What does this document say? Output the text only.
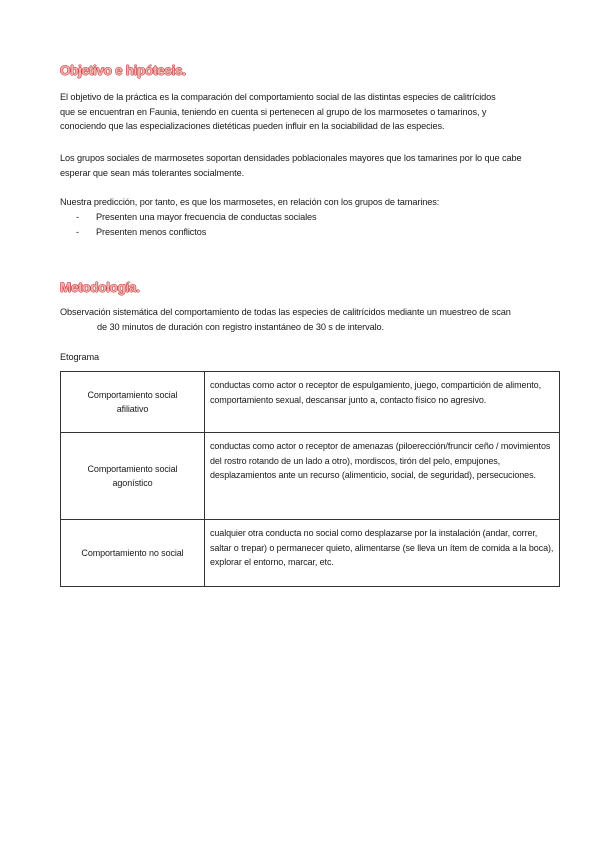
Objetivo e hipótesis.

El objetivo de la práctica es la comparación del comportamiento social de las distintas especies de calitrícidos
que se encuentran en Faunia, teniendo en cuenta si pertenecen al grupo de los marmosetes o tamarinos, y
conociendo que las especializaciones dietéticas pueden influir en la sociabilidad de las especies.

Los grupos sociales de marmosetes soportan densidades poblacionales mayores que los tamarines por lo que cabe
esperar que sean más tolerantes socialmente.

Nuestra predicción, por tanto, es que los marmosetes, en relación con los grupos de tamarines:

- Presenten una mayor frecuencia de conductas sociales
- Presenten menos conflictos
Metodología.

Observación sistemática del comportamiento de todas las especies de calitrícidos mediante un muestreo de scan
de 30 minutos de duración con registro instantáneo de 30 s de intervalo.

Etograma

Comportamiento social
afiliativo	conductas como actor o receptor de espulgamiento, juego, compartición de alimento, comportamiento sexual, descansar junto a, contacto físico no agresivo.

Comportamiento social
agonístico	conductas como actor o receptor de amenazas (piloerección/fruncir ceño / movimientos del rostro rotando de un lado a otro), mordiscos, tirón del pelo, empujones, desplazamientos ante un recurso (alimenticio, social, de seguridad), persecuciones.
Comportamiento no social	cualquier otra conducta no social como desplazarse por la instalación (andar, correr, saltar o trepar) o permanecer quieto, alimentarse (se lleva un ítem de comida a la boca), explorar el entorno, marcar, etc.
